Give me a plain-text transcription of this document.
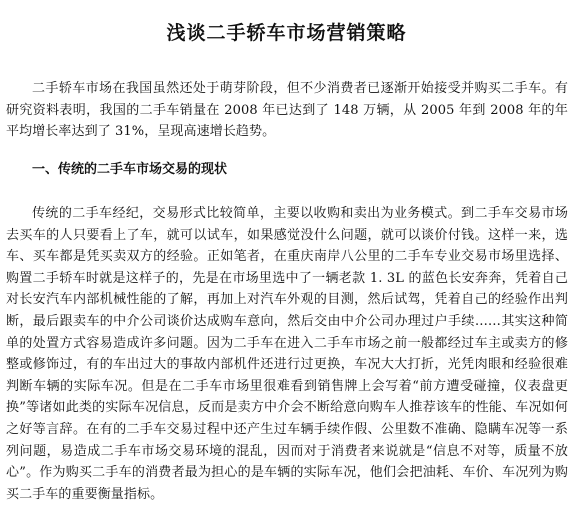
浅谈二手轿车市场营销策略

二手轿车市场在我国虽然还处于萌芽阶段，但不少消费者已逐渐开始接受并购买二手车。有研究资料表明，我国的二手车销量在 2008 年已达到了 148 万辆，从 2005 年到 2008 年的年平均增长率达到了 31%，呈现高速增长趋势。

一、传统的二手车市场交易的现状

传统的二手车经纪，交易形式比较简单，主要以收购和卖出为业务模式。到二手车交易市场去买车的人只要看上了车，就可以试车，如果感觉没什么问题，就可以谈价付钱。这样一来，选车、买车都是凭买卖双方的经验。正如笔者，在重庆南岸八公里的二手车专业交易市场里选择、购置二手轿车时就是这样子的，先是在市场里选中了一辆老款 1. 3L 的蓝色长安奔奔，凭着自己对长安汽车内部机械性能的了解，再加上对汽车外观的目测，然后试驾，凭着自己的经验作出判断，最后跟卖车的中介公司谈价达成购车意向，然后交由中介公司办理过户手续……其实这种简单的处置方式容易造成许多问题。因为二手车在进入二手车市场之前一般都经过车主或卖方的修整或修饰过，有的车出过大的事故内部机件还进行过更换，车况大大打折，光凭肉眼和经验很难判断车辆的实际车况。但是在二手车市场里很难看到销售牌上会写着“前方遭受碰撞，仪表盘更换”等诸如此类的实际车况信息，反而是卖方中介会不断给意向购车人推荐该车的性能、车况如何之好等言辞。在有的二手车交易过程中还产生过车辆手续作假、公里数不准确、隐瞒车况等一系列问题，易造成二手车市场交易环境的混乱，因而对于消费者来说就是“信息不对等，质量不放心”。作为购买二手车的消费者最为担心的是车辆的实际车况，他们会把油耗、车价、车况列为购买二手车的重要衡量指标。
